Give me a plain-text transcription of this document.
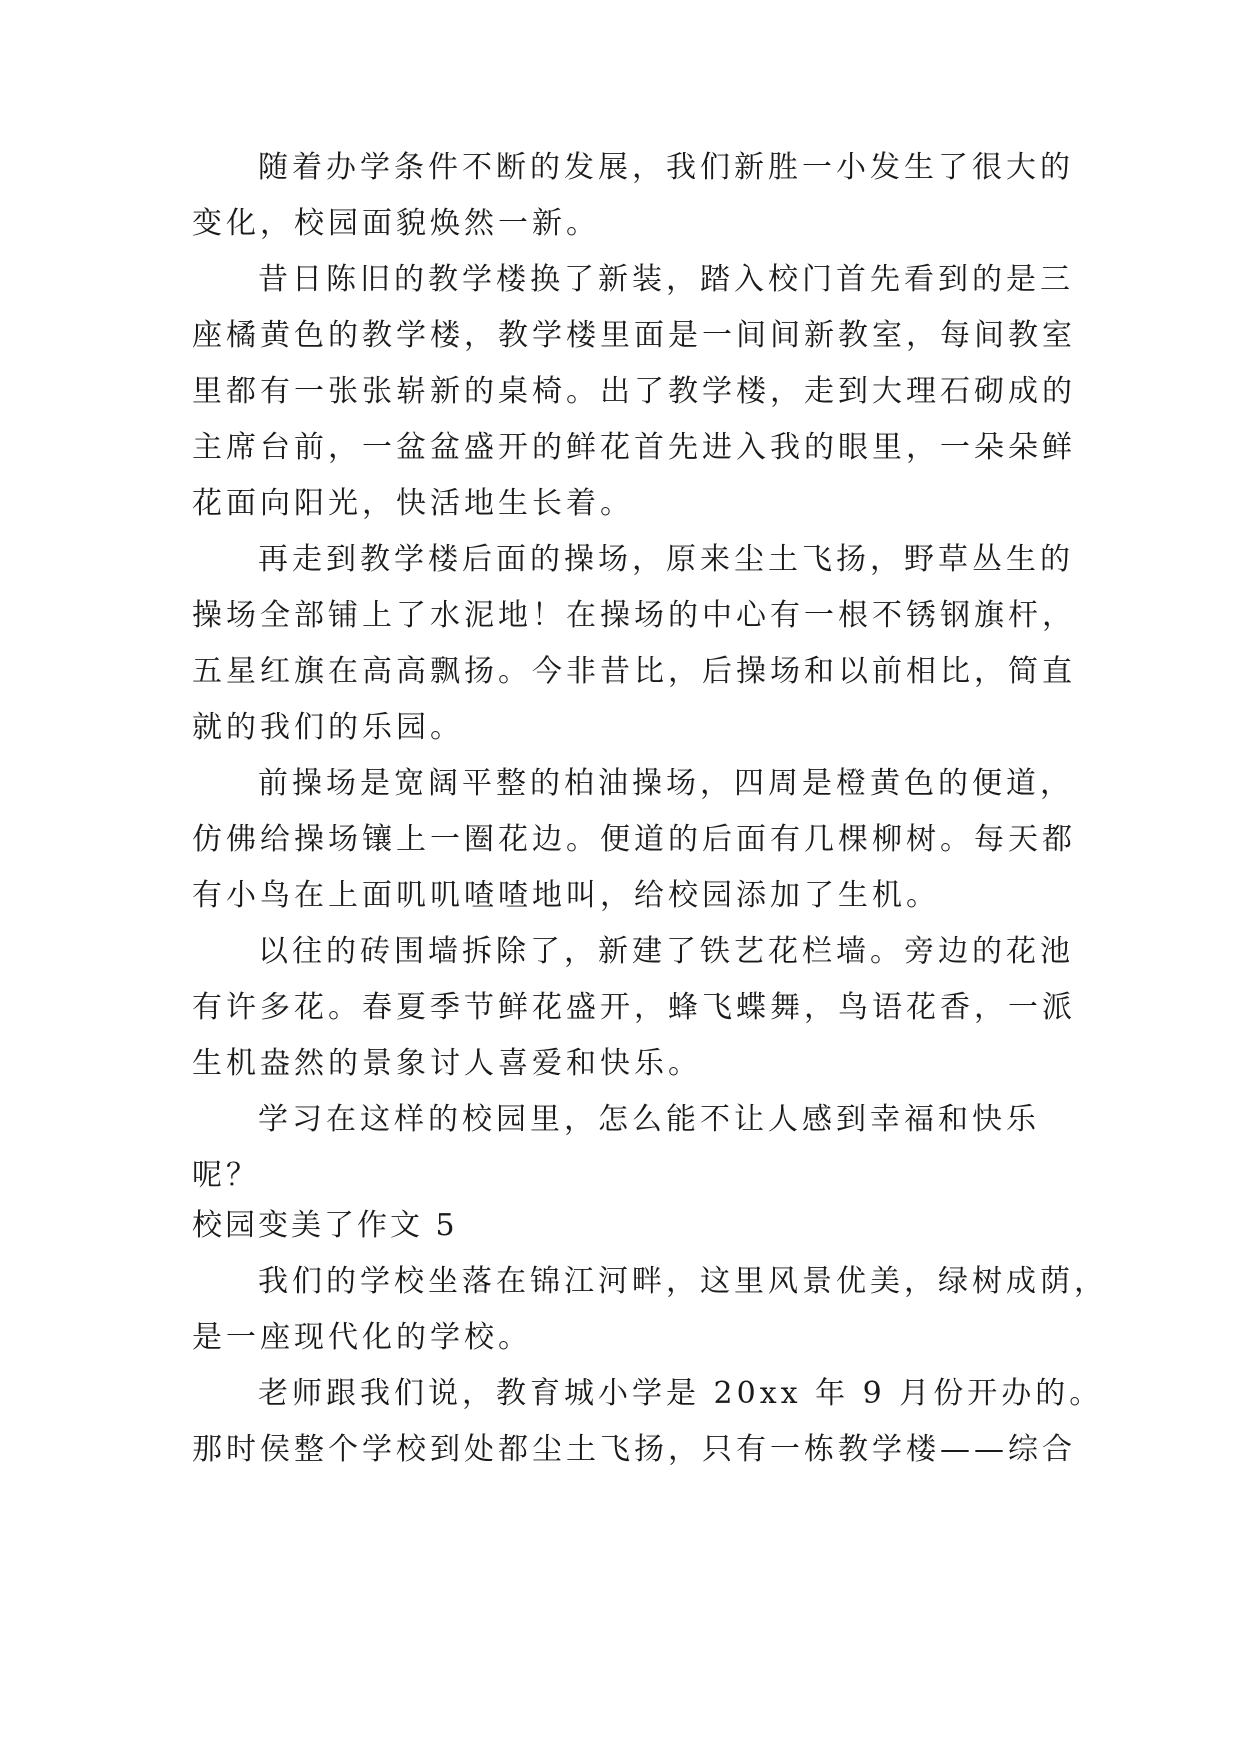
随着办学条件不断的发展，我们新胜一小发生了很大的
变化，校园面貌焕然一新。
昔日陈旧的教学楼换了新装，踏入校门首先看到的是三
座橘黄色的教学楼，教学楼里面是一间间新教室，每间教室
里都有一张张崭新的桌椅。出了教学楼，走到大理石砌成的
主席台前，一盆盆盛开的鲜花首先进入我的眼里，一朵朵鲜
花面向阳光，快活地生长着。
再走到教学楼后面的操场，原来尘土飞扬，野草丛生的
操场全部铺上了水泥地！在操场的中心有一根不锈钢旗杆，
五星红旗在高高飘扬。今非昔比，后操场和以前相比，简直
就的我们的乐园。
前操场是宽阔平整的柏油操场，四周是橙黄色的便道，
仿佛给操场镶上一圈花边。便道的后面有几棵柳树。每天都
有小鸟在上面叽叽喳喳地叫，给校园添加了生机。
以往的砖围墙拆除了，新建了铁艺花栏墙。旁边的花池
有许多花。春夏季节鲜花盛开，蜂飞蝶舞，鸟语花香，一派
生机盎然的景象讨人喜爱和快乐。
学习在这样的校园里，怎么能不让人感到幸福和快乐
呢？
校园变美了作文 5
我们的学校坐落在锦江河畔，这里风景优美，绿树成荫，
是一座现代化的学校。
老师跟我们说，教育城小学是 20xx 年 9 月份开办的。
那时侯整个学校到处都尘土飞扬，只有一栋教学楼——综合
